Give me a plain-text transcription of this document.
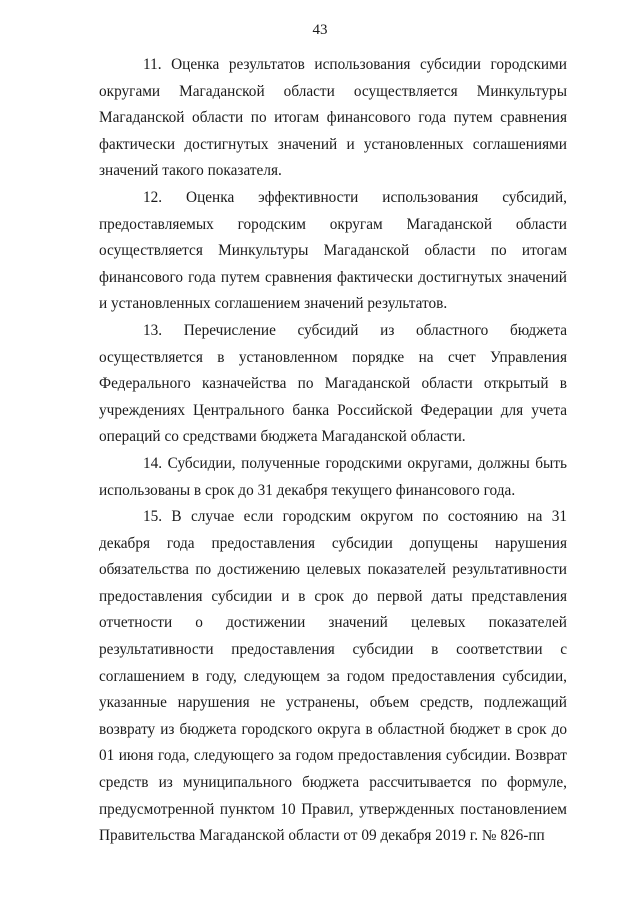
43

11. Оценка результатов использования субсидии городскими округами Магаданской области осуществляется Минкультуры Магаданской области по итогам финансового года путем сравнения фактически достигнутых значений и установленных соглашениями значений такого показателя.

12. Оценка эффективности использования субсидий, предоставляемых городским округам Магаданской области осуществляется Минкультуры Магаданской области по итогам финансового года путем сравнения фактически достигнутых значений и установленных соглашением значений результатов.

13. Перечисление субсидий из областного бюджета осуществляется в установленном порядке на счет Управления Федерального казначейства по Магаданской области открытый в учреждениях Центрального банка Российской Федерации для учета операций со средствами бюджета Магаданской области.

14. Субсидии, полученные городскими округами, должны быть использованы в срок до 31 декабря текущего финансового года.

15. В случае если городским округом по состоянию на 31 декабря года предоставления субсидии допущены нарушения обязательства по достижению целевых показателей результативности предоставления субсидии и в срок до первой даты представления отчетности о достижении значений целевых показателей результативности предоставления субсидии в соответствии с соглашением в году, следующем за годом предоставления субсидии, указанные нарушения не устранены, объем средств, подлежащий возврату из бюджета городского округа в областной бюджет в срок до 01 июня года, следующего за годом предоставления субсидии. Возврат средств из муниципального бюджета рассчитывается по формуле, предусмотренной пунктом 10 Правил, утвержденных постановлением Правительства Магаданской области от 09 декабря 2019 г. № 826-пп
